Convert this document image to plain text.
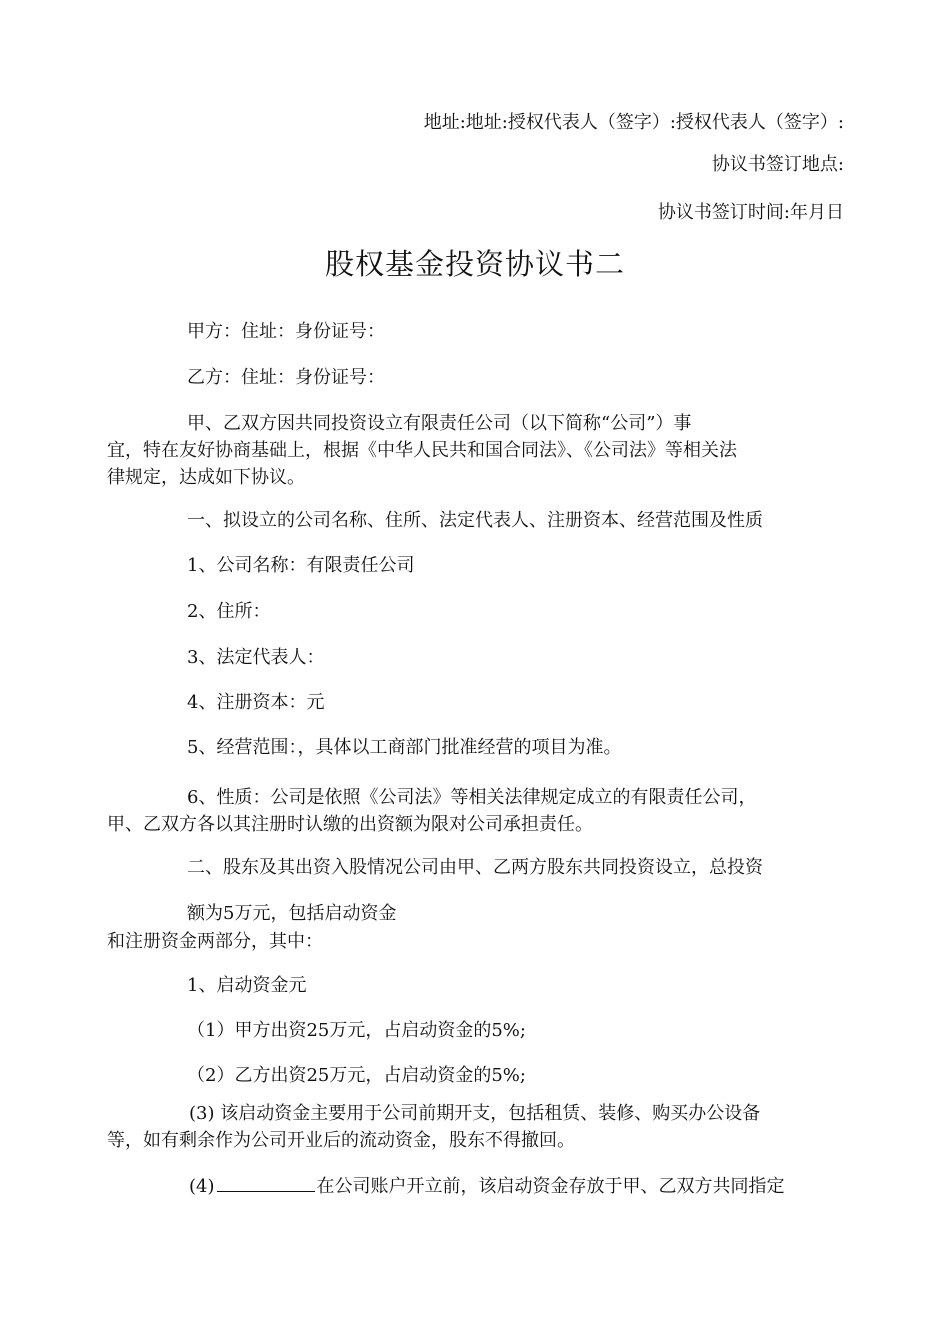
地址:地址:授权代表人（签字）:授权代表人（签字）:
协议书签订地点:
协议书签订时间:年月日
股权基金投资协议书二
甲方：住址：身份证号：
乙方：住址：身份证号：
甲、乙双方因共同投资设立有限责任公司（以下简称“公司”）事
宜，特在友好协商基础上，根据《中华人民共和国合同法》、《公司法》等相关法
律规定，达成如下协议。
一、拟设立的公司名称、住所、法定代表人、注册资本、经营范围及性质
1、公司名称：有限责任公司
2、住所：
3、法定代表人：
4、注册资本：元
5、经营范围：，具体以工商部门批准经营的项目为准。
6、性质：公司是依照《公司法》等相关法律规定成立的有限责任公司，
甲、乙双方各以其注册时认缴的出资额为限对公司承担责任。
二、股东及其出资入股情况公司由甲、乙两方股东共同投资设立，总投资
额为5万元，包括启动资金
和注册资金两部分，其中：
1、启动资金元
（1）甲方出资25万元，占启动资金的5%;
（2）乙方出资25万元，占启动资金的5%;
(3) 该启动资金主要用于公司前期开支，包括租赁、装修、购买办公设备
等，如有剩余作为公司开业后的流动资金，股东不得撤回。
(4)	在公司账户开立前，该启动资金存放于甲、乙双方共同指定
